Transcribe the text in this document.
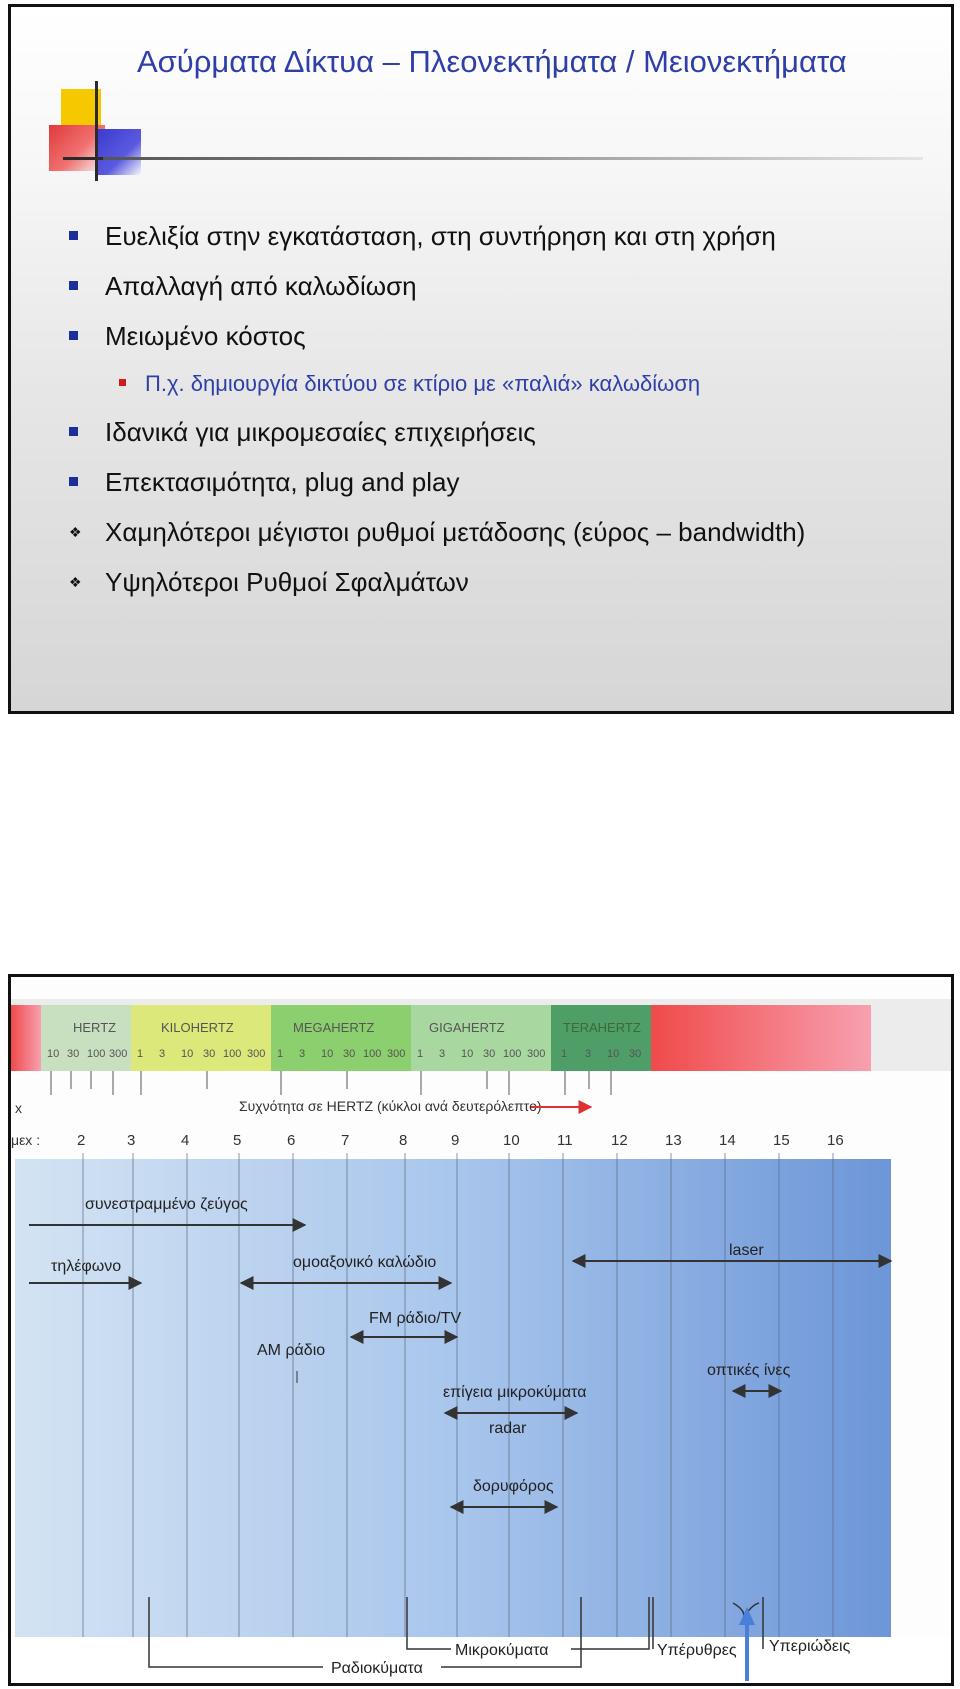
Ασύρματα Δίκτυα – Πλεονεκτήματα / Μειονεκτήματα
Ευελιξία στην εγκατάσταση, στη συντήρηση και στη χρήση
Απαλλαγή από καλωδίωση
Μειωμένο κόστος
Π.χ. δημιουργία δικτύου σε κτίριο με «παλιά» καλωδίωση
Ιδανικά για μικρομεσαίες επιχειρήσεις
Επεκτασιμότητα, plug and play
❖ Χαμηλότεροι μέγιστοι ρυθμοί μετάδοσης (εύρος – bandwidth)
❖ Υψηλότεροι Ρυθμοί Σφαλμάτων
HERTZ	KILOHERTZ	MEGAHERTZ	GIGAHERTZ	TERAHERTZ
10 30 100 300 1 3 10 30 100 300 1 3 10 30 100 300 1 3 10 30 100 300 1 3 10 30
x	Συχνότητα σε HERTZ (κύκλοι ανά δευτερόλεπτο)
μεx : 2	3	4	5	6	7	8	9	10 11	12 13 14 15 16
συνεστραμμένο ζεύγος
τηλέφωνο	ομοαξονικό καλώδιο
laser
FM ράδιο/TV
AM ράδιο
οπτικές ίνες
επίγεια μικροκύματα
radar
δορυφόρος
Μικροκύματα	Υπέρυθρες Υπεριώδεις
Ραδιοκύματα
